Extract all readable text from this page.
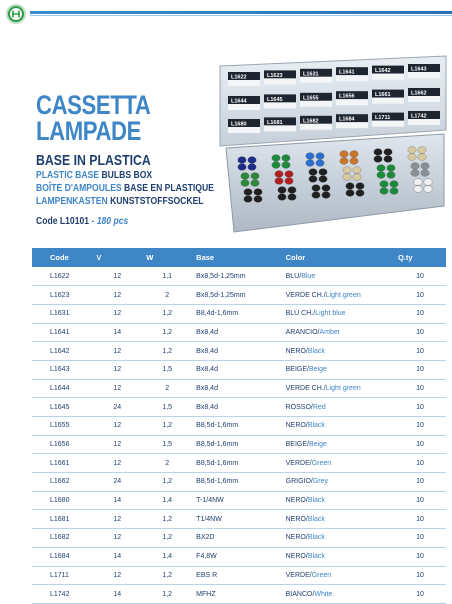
CASSETTA
LAMPADE
BASE IN PLASTICA
PLASTIC BASE BULBS BOX
BOÎTE D'AMPOULES BASE EN PLASTIQUE
LAMPENKASTEN KUNSTSTOFFSOCKEL
Code L10101 - 180 pcs
L1622	L1623	L1631	L1641	L1642	L1643
L1644	L1645	L1655	L1656	L1661	L1662
L1680	L1681	L1682	L1684	L1711	L1742
Code	V	W	Base	Color	Q.ty
L1622	12	1,1	Bx8,5d-1,25mm	BLU/Blue	10
L1623	12	2	Bx8,5d-1,25mm	VERDE CH./Light green	10
L1631	12	1,2	B8,4d-1,6mm	BLU CH./Light blue	10
L1641	14	1,2	Bx8,4d	ARANCIO/Amber	10
L1642	12	1,2	Bx8,4d	NERO/Black	10
L1643	12	1,5	Bx8,4d	BEIGE/Beige	10
L1644	12	2	Bx8,4d	VERDE CH./Light green	10
L1645	24	1,5	Bx8,4d	ROSSO/Red	10
L1655	12	1,2	B8,5d-1,6mm	NERO/Black	10
L1656	12	1,5	B8,5d-1,6mm	BEIGE/Beige	10
L1661	12	2	B8,5d-1,6mm	VERDE/Green	10
L1662	24	1,2	B8,5d-1,6mm	GRIGIO/Grey	10
L1680	14	1,4	T-1/4NW	NERO/Black	10
L1681	12	1,2	T1/4NW	NERO/Black	10
L1682	12	1,2	BX2D	NERO/Black	10
L1684	14	1,4	F4,8W	NERO/Black	10
L1711	12	1,2	EBS R	VERDE/Green	10
L1742	14	1,2	MFHZ	BIANCO/White	10
